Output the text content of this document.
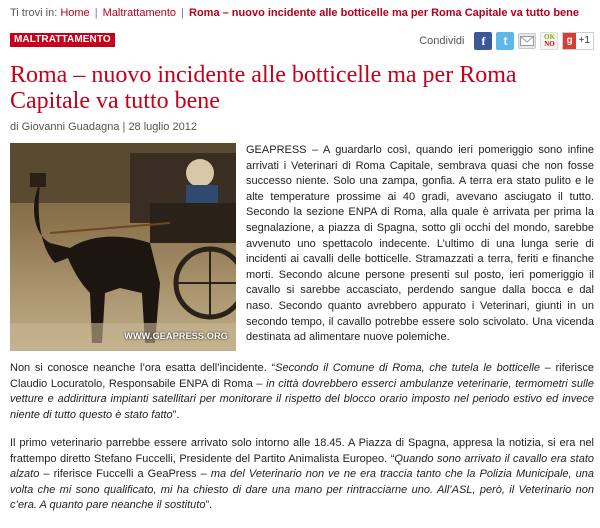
Ti trovi in: Home | Maltrattamento | Roma – nuovo incidente alle botticelle ma per Roma Capitale va tutto bene
MALTRATTAMENTO	Condividi	f	t	OK
NO	g +1
Roma – nuovo incidente alle botticelle ma per Roma Capitale va tutto bene
di Giovanni Guadagna | 28 luglio 2012
WWW.GEAPRESS.ORG

GEAPRESS – A guardarlo così, quando ieri pomeriggio sono infine arrivati i Veterinari di Roma Capitale, sembrava quasi che non fosse successo niente. Solo una zampa, gonfia. A terra era stato pulito e le alte temperature prossime ai 40 gradi, avevano asciugato il tutto. Secondo la sezione ENPA di Roma, alla quale è arrivata per prima la segnalazione, a piazza di Spagna, sotto gli occhi del mondo, sarebbe avvenuto uno spettacolo indecente. L’ultimo di una lunga serie di incidenti ai cavalli delle botticelle. Stramazzati a terra, feriti e finanche morti. Secondo alcune persone presenti sul posto, ieri pomeriggio il cavallo si sarebbe accasciato, perdendo sangue dalla bocca e dal naso. Secondo quanto avrebbero appurato i Veterinari, giunti in un secondo tempo, il cavallo potrebbe essere solo scivolato. Una vicenda destinata ad alimentare nuove polemiche.

Non si conosce neanche l’ora esatta dell’incidente. “Secondo il Comune di Roma, che tutela le botticelle – riferisce Claudio Locuratolo, Responsabile ENPA di Roma – in città dovrebbero esserci ambulanze veterinarie, termometri sulle vetture e addirittura impianti satellitari per monitorare il rispetto del blocco orario imposto nel periodo estivo ed invece niente di tutto questo è stato fatto”.

Il primo veterinario parrebbe essere arrivato solo intorno alle 18.45. A Piazza di Spagna, appresa la notizia, si era nel frattempo diretto Stefano Fuccelli, Presidente del Partito Animalista Europeo. “Quando sono arrivato il cavallo era stato alzato – riferisce Fuccelli a GeaPress – ma del Veterinario non ve ne era traccia tanto che la Polizia Municipale, una volta che mi sono qualificato, mi ha chiesto di dare una mano per rintracciarne uno. All’ASL, però, il Veterinario non c’era. A quanto pare neanche il sostituto”.
